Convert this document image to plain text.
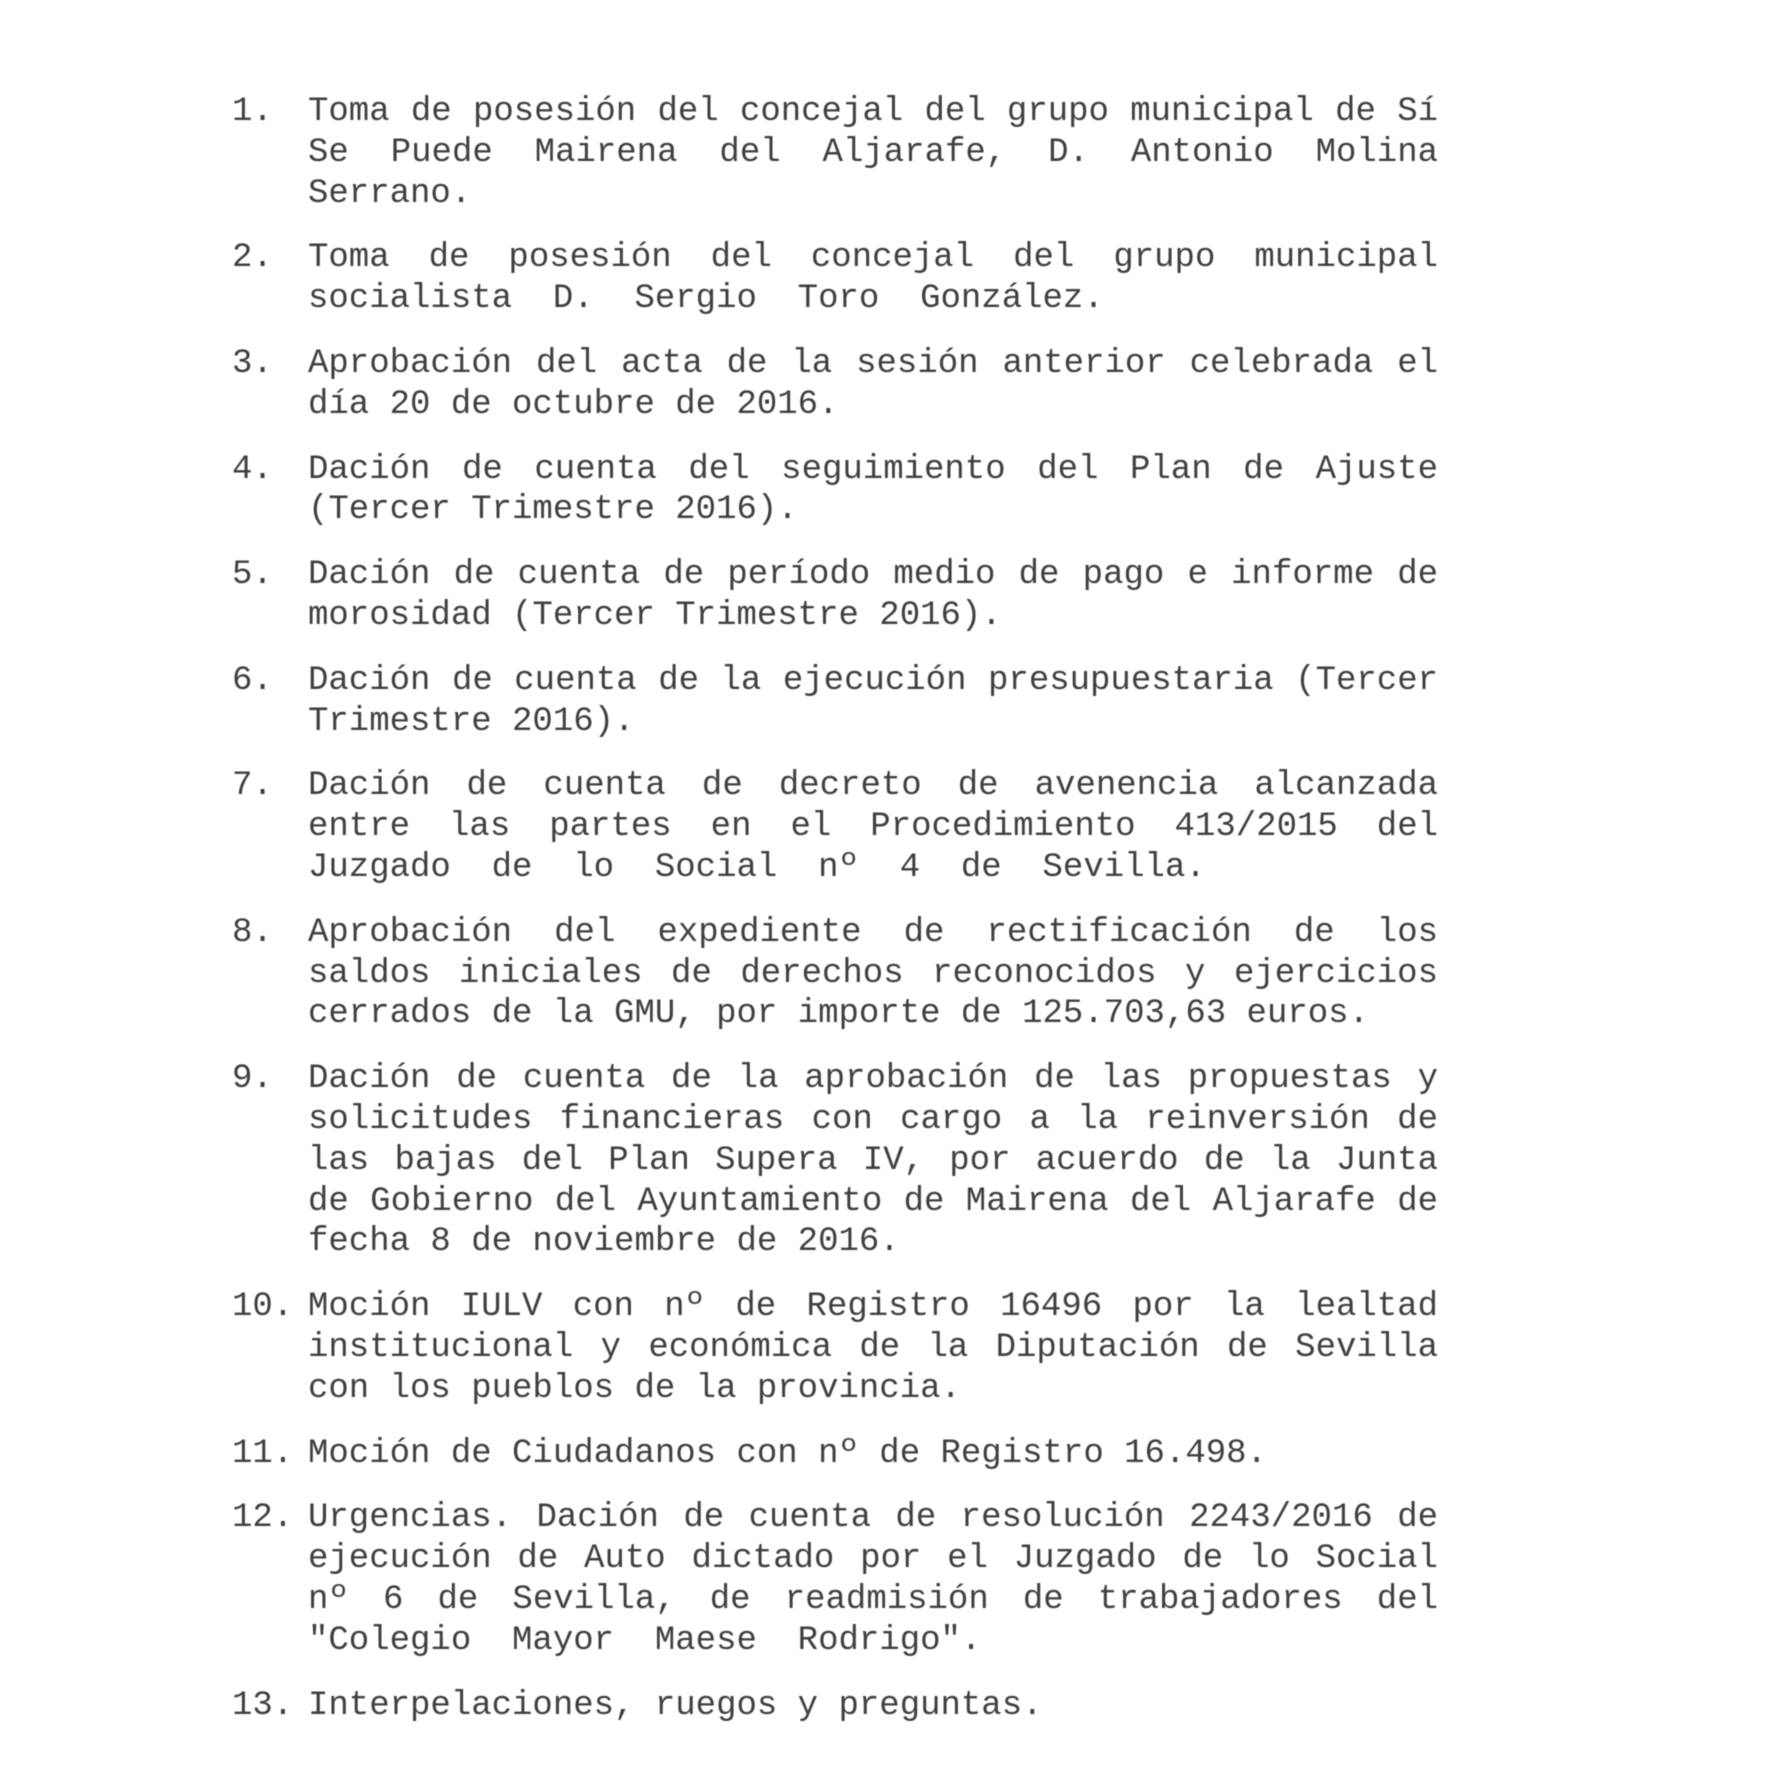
1.	Toma de posesión del concejal del grupo municipal de Sí Se Puede Mairena del Aljarafe, D. Antonio Molina Serrano.
2.	Toma de posesión del concejal del grupo municipal socialista  D.  Sergio  Toro  González.
3.	Aprobación del acta de la sesión anterior celebrada el día 20 de octubre de 2016.
4.	Dación de cuenta del seguimiento del Plan de Ajuste (Tercer Trimestre 2016).
5.	Dación de cuenta de período medio de pago e informe de morosidad (Tercer Trimestre 2016).
6.	Dación de cuenta de la ejecución presupuestaria (Tercer Trimestre 2016).
7.	Dación de cuenta de decreto de avenencia alcanzada entre las partes en el Procedimiento 413/2015 del Juzgado  de  lo  Social  nº  4  de  Sevilla.
8.	Aprobación del expediente de rectificación de los saldos iniciales de derechos reconocidos y ejercicios cerrados de la GMU, por importe de 125.703,63 euros.
9.	Dación de cuenta de la aprobación de las propuestas y solicitudes financieras con cargo a la reinversión de las bajas del Plan Supera IV, por acuerdo de la Junta de Gobierno del Ayuntamiento de Mairena del Aljarafe de fecha 8 de noviembre de 2016.
10. Moción IULV con nº de Registro 16496 por la lealtad institucional y económica de la Diputación de Sevilla con los pueblos de la provincia.
11. Moción de Ciudadanos con nº de Registro 16.498.
12. Urgencias. Dación de cuenta de resolución 2243/2016 de ejecución de Auto dictado por el Juzgado de lo Social nº 6 de Sevilla, de readmisión de trabajadores del "Colegio  Mayor  Maese  Rodrigo".
13. Interpelaciones, ruegos y preguntas.
